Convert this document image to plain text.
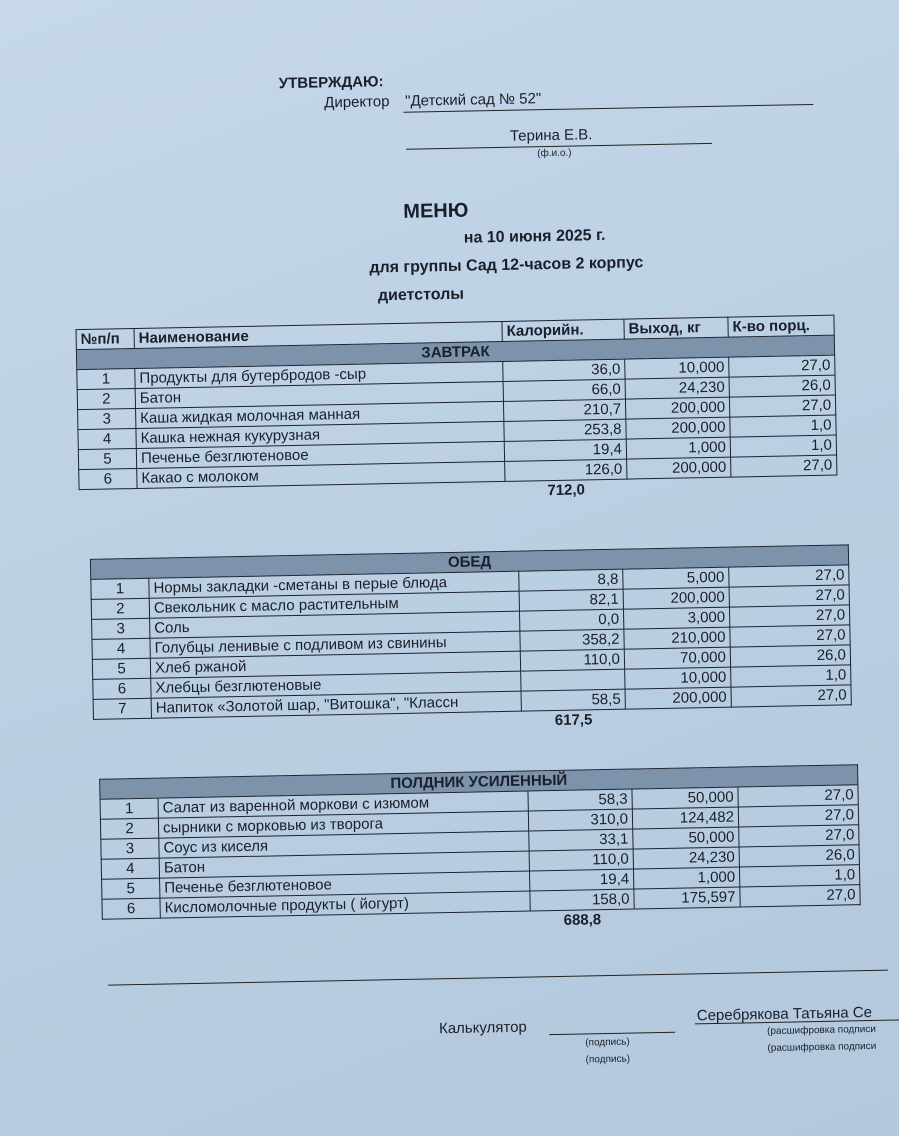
УТВЕРЖДАЮ:
Директор "Детский сад № 52"
Терина Е.В.
(ф.и.о.)
МЕНЮ
на 10 июня 2025 г.
для группы Сад 12-часов 2 корпус
диетстолы
№п/п	Наименование	Калорийн.	Выход, кг	К-во порц.
ЗАВТРАК				
1	Продукты для бутербродов -сыр	36,0	10,000	27,0
2	Батон	66,0	24,230	26,0
3	Каша жидкая молочная манная	210,7	200,000	27,0
4	Кашка нежная кукурузная	253,8	200,000	1,0
5	Печенье безглютеновое	19,4	1,000	1,0
6	Какао с молоком	126,0	200,000	27,0
		712,0		
ОБЕД				
1	Нормы закладки -сметаны в перые блюда	8,8	5,000	27,0
2	Свекольник с масло растительным	82,1	200,000	27,0
3	Соль	0,0	3,000	27,0
4	Голубцы ленивые с подливом из свинины	358,2	210,000	27,0
5	Хлеб ржаной	110,0	70,000	26,0
6	Хлебцы безглютеновые		10,000	1,0
7	Напиток «Золотой шар, "Витошка", "Классн	58,5	200,000	27,0
		617,5		
ПОЛДНИК УСИЛЕННЫЙ				
1	Салат из варенной моркови с изюмом	58,3	50,000	27,0
2	сырники с морковью из творога	310,0	124,482	27,0
3	Соус из киселя	33,1	50,000	27,0
4	Батон	110,0	24,230	26,0
5	Печенье безглютеновое	19,4	1,000	1,0
6	Кисломолочные продукты ( йогурт)	158,0	175,597	27,0
		688,8		
Калькулятор
(подпись)
(подпись)
Серебрякова Татьяна Се
(расшифровка подписи
(расшифровка подписи
